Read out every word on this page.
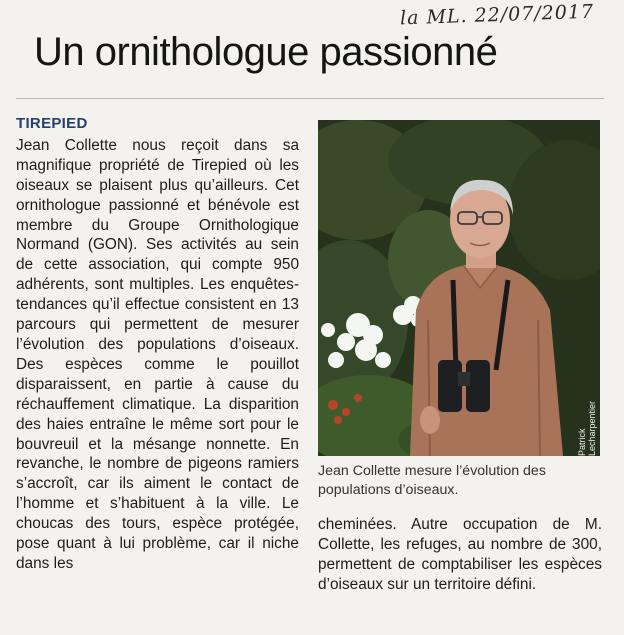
la ML. 22/07/2017
Un ornithologue passionné
TIREPIED
Jean Collette nous reçoit dans sa magnifique propriété de Tirepied où les oiseaux se plaisent plus qu’ailleurs. Cet ornithologue passionné et bénévole est membre du Groupe Ornithologique Normand (GON). Ses activités au sein de cette association, qui compte 950 adhérents, sont multiples. Les enquêtes-tendances qu’il effectue consistent en 13 parcours qui permettent de mesurer l’évolution des populations d’oiseaux. Des espèces comme le pouillot disparaissent, en partie à cause du réchauffement climatique. La disparition des haies entraîne le même sort pour le bouvreuil et la mésange nonnette. En revanche, le nombre de pigeons ramiers s’accroît, car ils aiment le contact de l’homme et s’habituent à la ville. Le choucas des tours, espèce protégée, pose quant à lui problème, car il niche dans les
Patrick Lecharpentier
Jean Collette mesure l’évolution des populations d’oiseaux.
cheminées. Autre occupation de M. Collette, les refuges, au nombre de 300, permettent de comptabiliser les espèces d’oiseaux sur un territoire défini.
